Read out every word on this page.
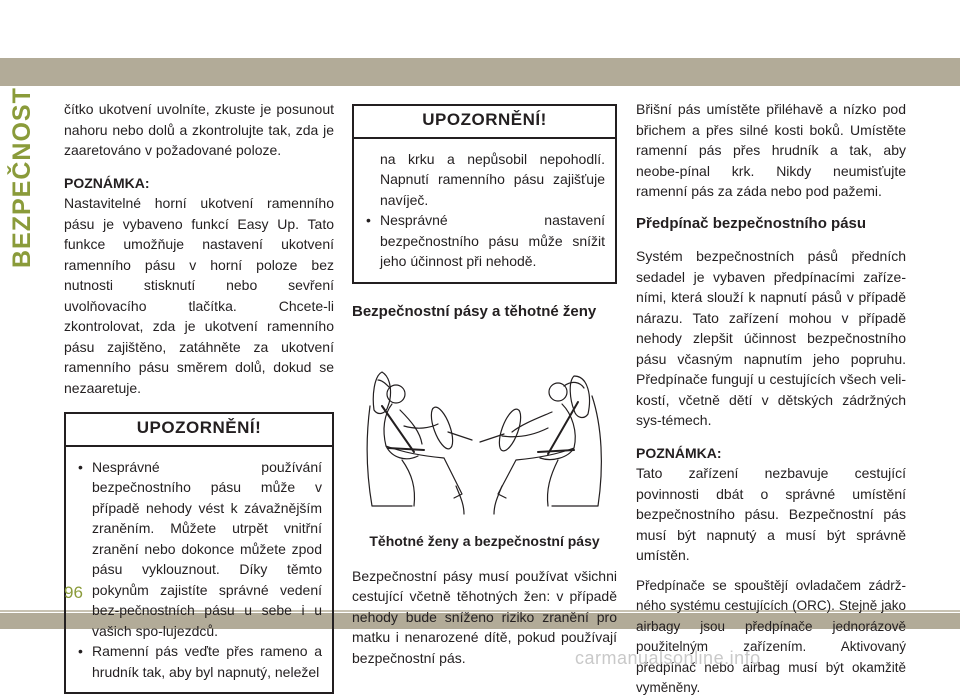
BEZPEČNOST	čítko ukotvení uvolníte, zkuste je posunout nahoru nebo dolů a zkontrolujte tak, zda je zaaretováno v požadované poloze.

POZNÁMKA:

Nastavitelné horní ukotvení ramenního pásu je vybaveno funkcí Easy Up. Tato funkce umožňuje nastavení ukotvení ramenního pásu v horní poloze bez nutnosti stisknutí nebo sevření uvolňovacího tlačítka. Chcete-li zkontrolovat, zda je ukotvení ramenního pásu zajištěno, zatáhněte za ukotvení ramenního pásu směrem dolů, dokud se nezaaretuje.

UPOZORNĚNÍ!
• Nesprávné používání bezpečnostního pásu může v případě nehody vést k závažnějším zraněním. Můžete utrpět vnitřní zranění nebo dokonce můžete zpod pásu vyklouznout. Díky těmto pokynům zajistíte správné vedení bez-pečnostních pásu u sebe i u vašich spo-lujezdců.
• Ramenní pás veďte přes rameno a hrudník tak, aby byl napnutý, neležel
UPOZORNĚNÍ!

na krku a nepůsobil nepohodlí. Napnutí ramenního pásu zajišťuje navíječ.

• Nesprávné nastavení bezpečnostního pásu může snížit jeho účinnost při nehodě.
Bezpečnostní pásy a těhotné ženy
Těhotné ženy a bezpečnostní pásy

Bezpečnostní pásy musí používat všichni cestující včetně těhotných žen: v případě nehody bude sníženo riziko zranění pro matku i nenarozené dítě, pokud používají bezpečnostní pás.

Břišní pás umístěte přiléhavě a nízko pod břichem a přes silné kosti boků. Umístěte ramenní pás přes hrudník a tak, aby neobe-pínal krk. Nikdy neumisťujte ramenní pás za záda nebo pod pažemi.

Předpínač bezpečnostního pásu

Systém bezpečnostních pásů předních sedadel je vybaven předpínacími zaříze-ními, která slouží k napnutí pásů v případě nárazu. Tato zařízení mohou v případě nehody zlepšit účinnost bezpečnostního pásu včasným napnutím jeho popruhu. Předpínače fungují u cestujících všech veli-kostí, včetně dětí v dětských zádržných sys-témech.

POZNÁMKA:

Tato zařízení nezbavuje cestující povinnosti dbát o správné umístění bezpečnostního pásu. Bezpečnostní pás musí být napnutý a musí být správně umístěn.

Předpínače se spouštějí ovladačem zádrž-ného systému cestujících (ORC). Stejně jako airbagy jsou předpínače jednorázově použitelným zařízením. Aktivovaný předpínač nebo airbag musí být okamžitě vyměněny.

96
carmanualsonline.info
